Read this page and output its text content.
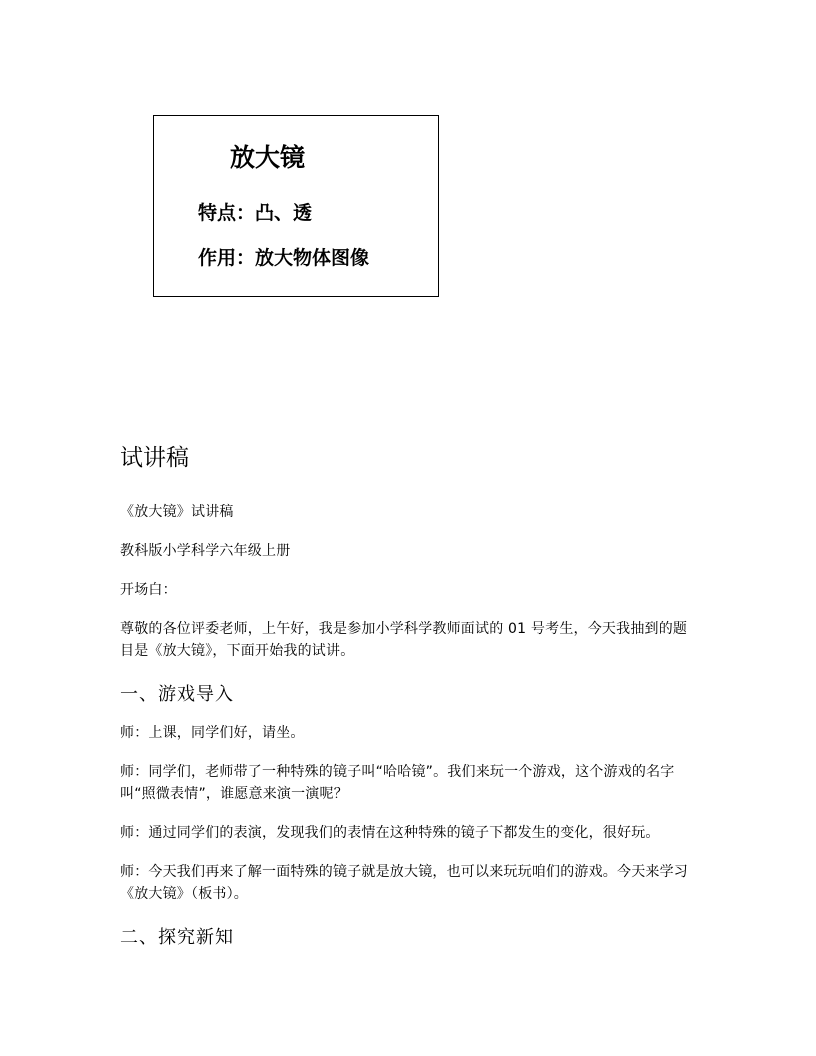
放大镜
特点：凸、透
作用：放大物体图像
试讲稿

《放大镜》试讲稿

教科版小学科学六年级上册

开场白：

尊敬的各位评委老师，上午好，我是参加小学科学教师面试的 01 号考生，今天我抽到的题目是《放大镜》，下面开始我的试讲。

一、游戏导入

师：上课，同学们好，请坐。

师：同学们，老师带了一种特殊的镜子叫“哈哈镜”。我们来玩一个游戏，这个游戏的名字叫“照微表情”，谁愿意来演一演呢？

师：通过同学们的表演，发现我们的表情在这种特殊的镜子下都发生的变化，很好玩。

师：今天我们再来了解一面特殊的镜子就是放大镜，也可以来玩玩咱们的游戏。今天来学习《放大镜》（板书）。

二、探究新知
